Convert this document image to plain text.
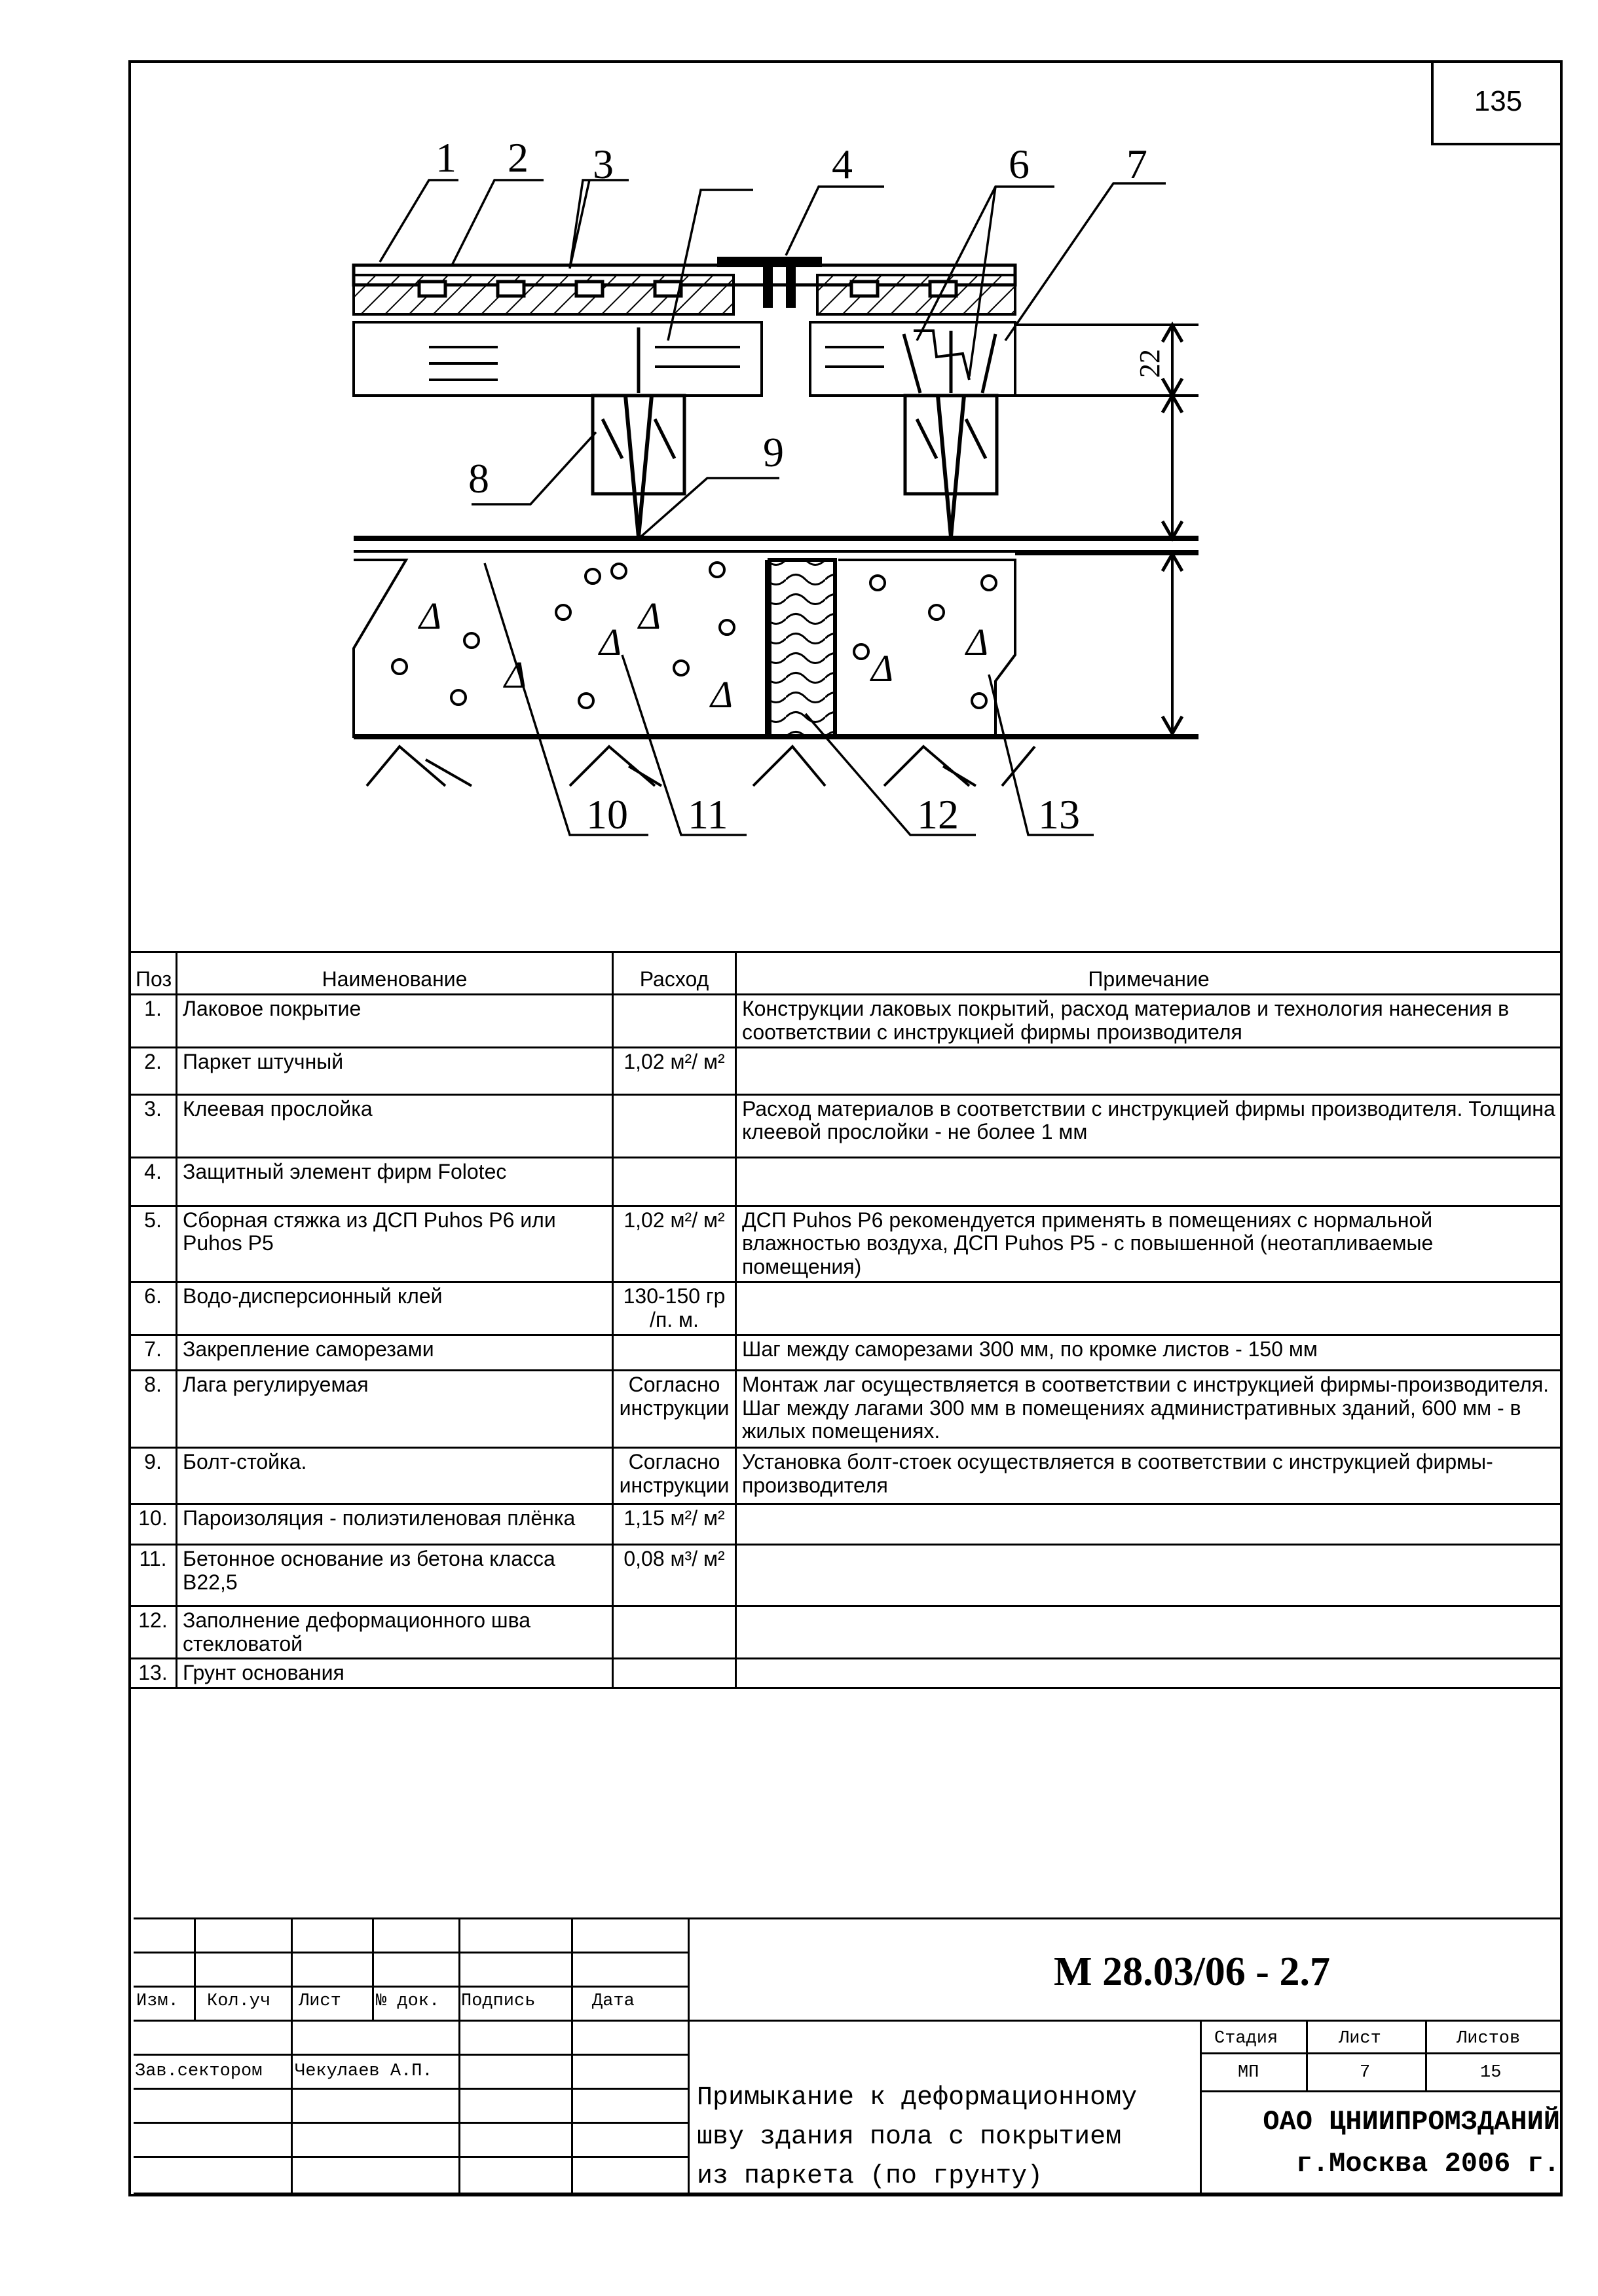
135
Δ
Δ
Δ
Δ
Δ
Δ
Δ
22
1 2 3	4	6 7
8
9
10 11	12 13
Поз	Наименование	Расход	Примечание
1.	Лаковое покрытие		Конструкции лаковых покрытий, расход материалов и технология нанесения в соответствии с инструкцией фирмы производителя
2.	Паркет штучный	1,02 м²/ м²	
3.	Клеевая прослойка		Расход материалов в соответствии с инструкцией фирмы производителя. Толщина клеевой прослойки - не более 1 мм
4.	Защитный элемент фирм Folotec		
5.	Сборная стяжка из ДСП Puhos P6 или Puhos P5	1,02 м²/ м²	ДСП Puhos P6 рекомендуется применять в помещениях с нормальной влажностью воздуха, ДСП Puhos P5 - с повышенной (неотапливаемые помещения)
6.	Водо-дисперсионный клей	130-150 гр /п. м.	
7.	Закрепление саморезами		Шаг между саморезами 300 мм, по кромке листов - 150 мм
8.	Лага регулируемая	Согласно инструкции	Монтаж лаг осуществляется в соответствии с инструкцией фирмы-производителя. Шаг между лагами 300 мм в помещениях административных зданий, 600 мм - в жилых помещениях.
9.	Болт-стойка.	Согласно инструкции	Установка болт-стоек осуществляется в соответствии с инструкцией фирмы-производителя
10.	Пароизоляция - полиэтиленовая плёнка	1,15 м²/ м²	
11.	Бетонное основание из бетона класса В22,5	0,08 м³/ м²	
12.	Заполнение деформационного шва стекловатой		
13.	Грунт основания		
Изм. Кол.уч Лист № док. Подпись	Дата
Зав.сектором Чекулаев А.П.
М 28.03/06 - 2.7
Стадия	Лист	Листов
МП	7	15
Примыкание к деформационному
шву здания пола с покрытием
из паркета (по грунту)
ОАО ЦНИИПРОМЗДАНИЙ
г.Москва 2006 г.
